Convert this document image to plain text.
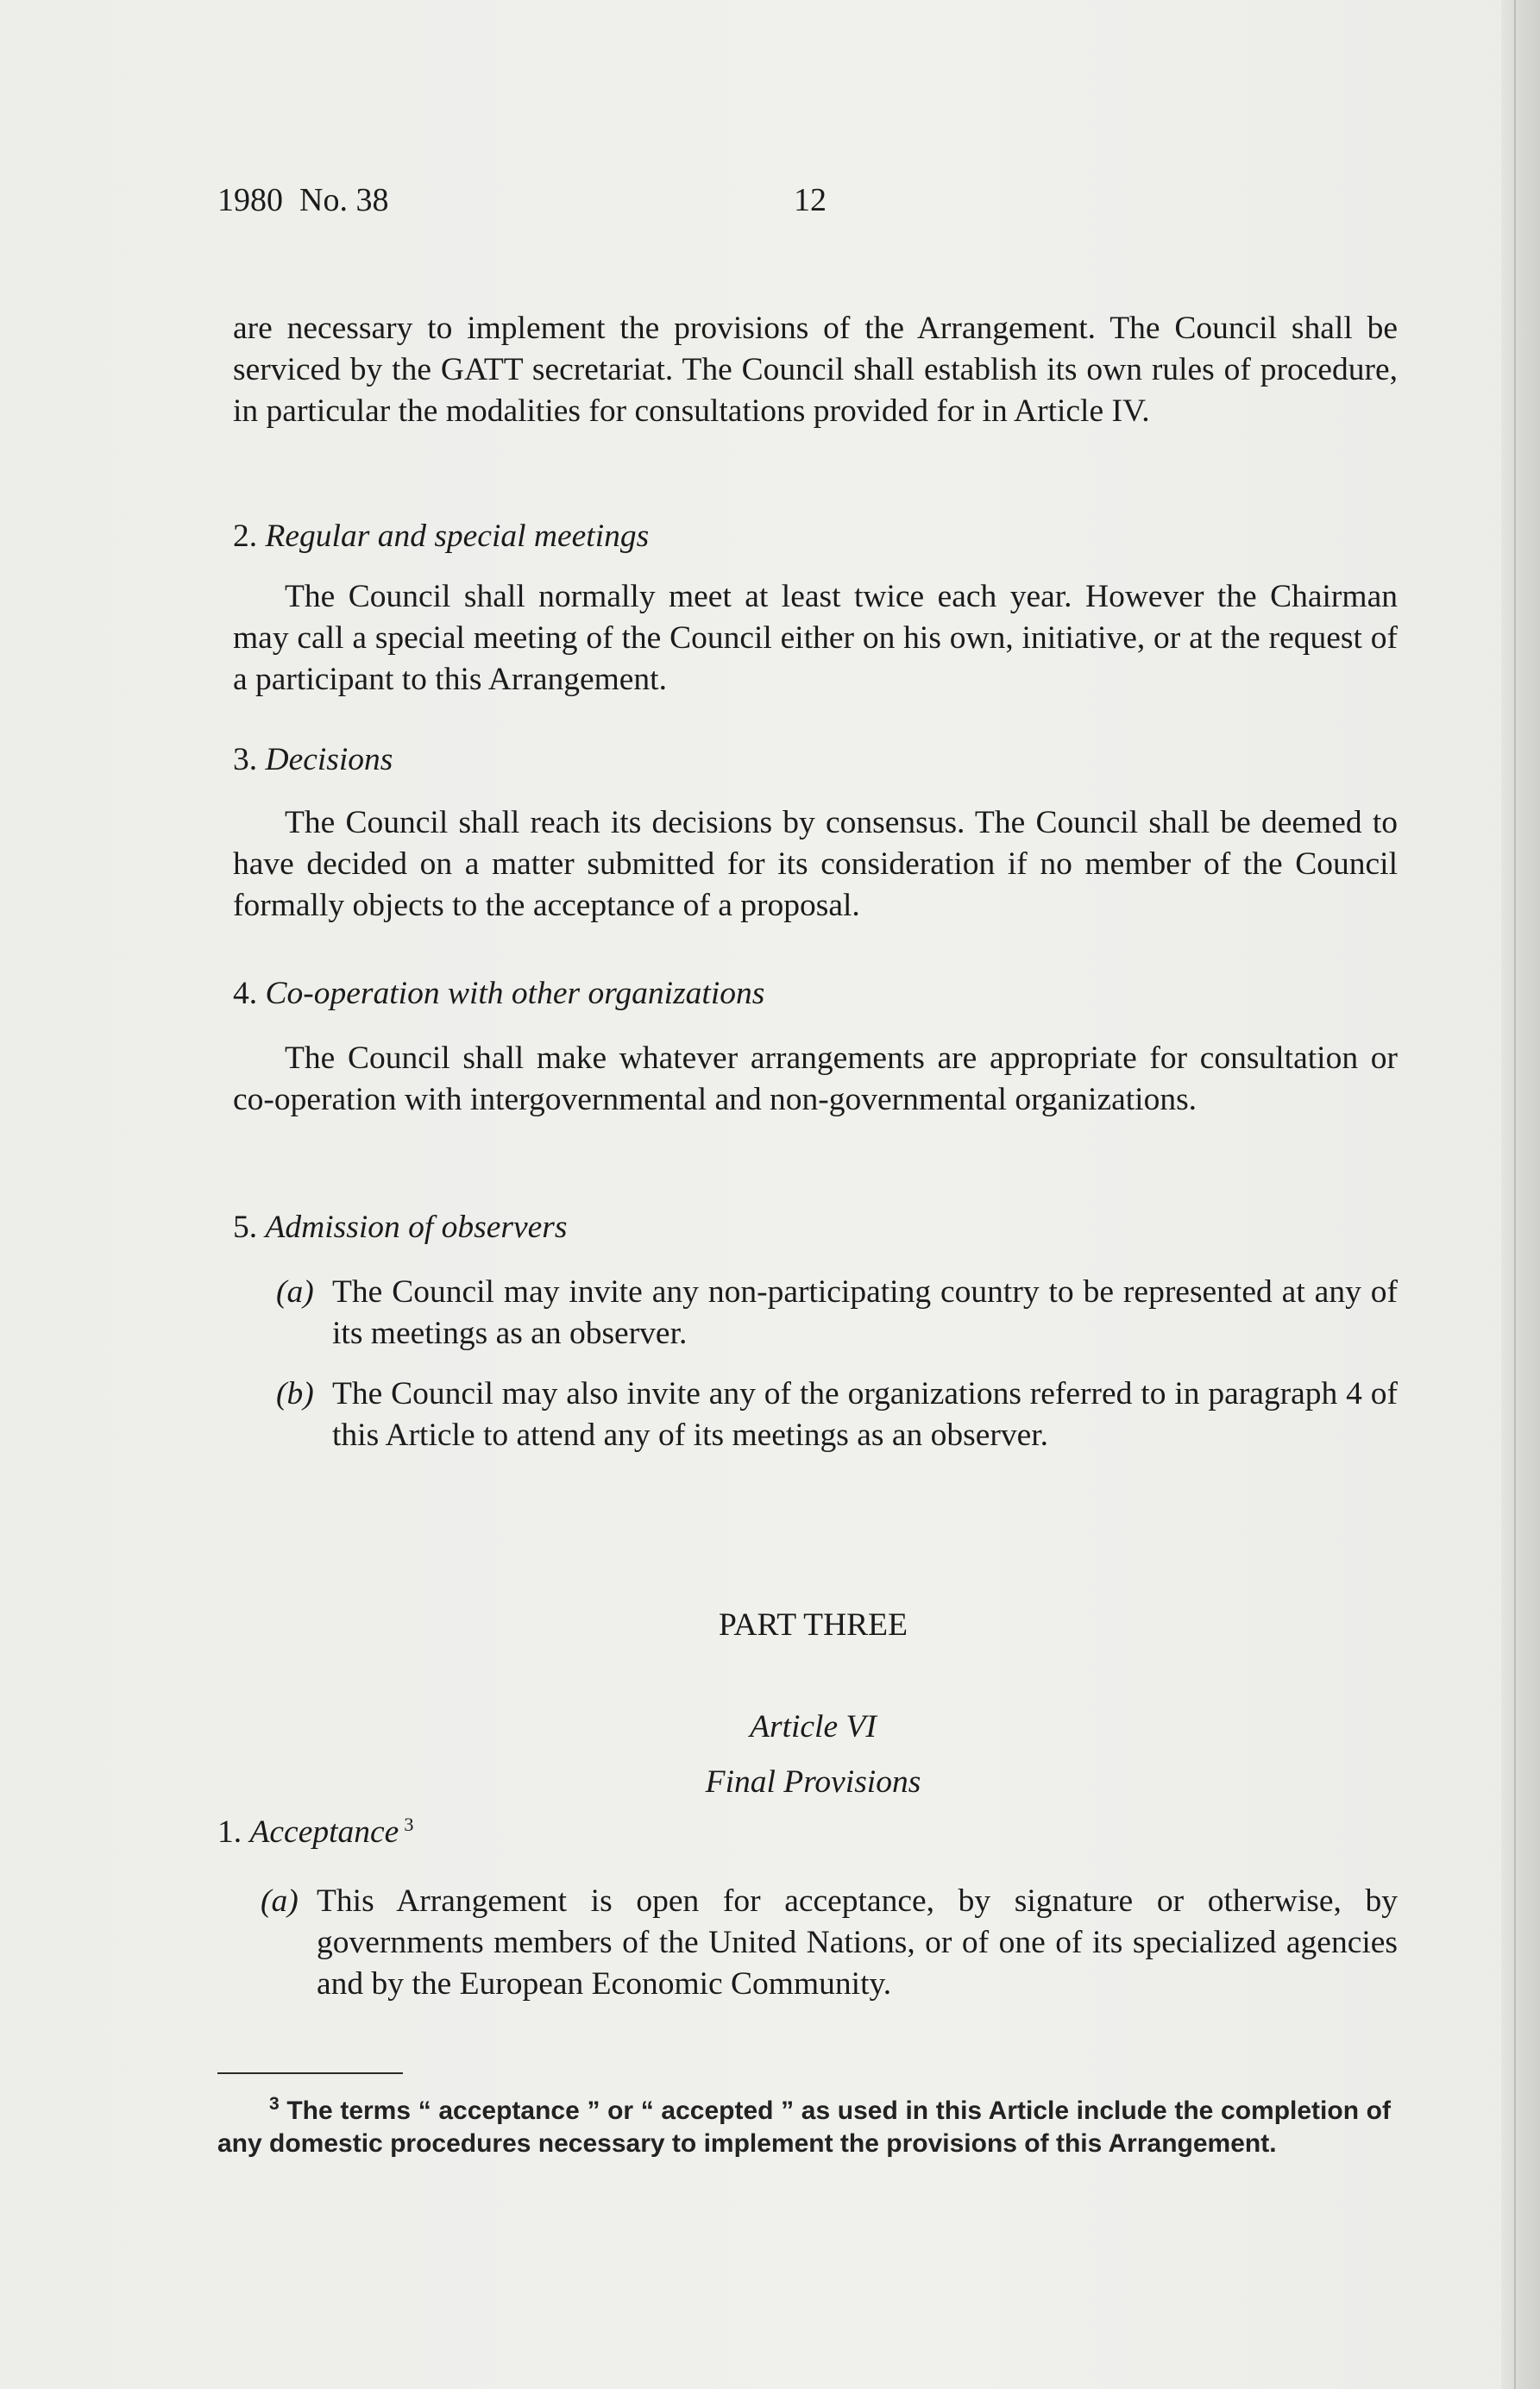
1980  No. 38	12

are necessary to implement the provisions of the Arrangement. The Council shall be serviced by the GATT secretariat. The Council shall establish its own rules of procedure, in particular the modalities for consultations provided for in Article IV.

2. Regular and special meetings

The Council shall normally meet at least twice each year. However the Chairman may call a special meeting of the Council either on his own, initiative, or at the request of a participant to this Arrangement.

3. Decisions

The Council shall reach its decisions by consensus. The Council shall be deemed to have decided on a matter submitted for its consideration if no member of the Council formally objects to the acceptance of a proposal.

4. Co-operation with other organizations

The Council shall make whatever arrangements are appropriate for consultation or co-operation with intergovernmental and non-governmental organizations.

5. Admission of observers

(a) The Council may invite any non-participating country to be represented at any of its meetings as an observer.

(b) The Council may also invite any of the organizations referred to in paragraph 4 of this Article to attend any of its meetings as an observer.

PART THREE

Article VI

Final Provisions

1. Acceptance $^3$

(a) This Arrangement is open for acceptance, by signature or otherwise, by governments members of the United Nations, or of one of its specialized agencies and by the European Economic Community.

$^3$ The terms “ acceptance ” or “ accepted ” as used in this Article include the completion of any domestic procedures necessary to implement the provisions of this Arrangement.
